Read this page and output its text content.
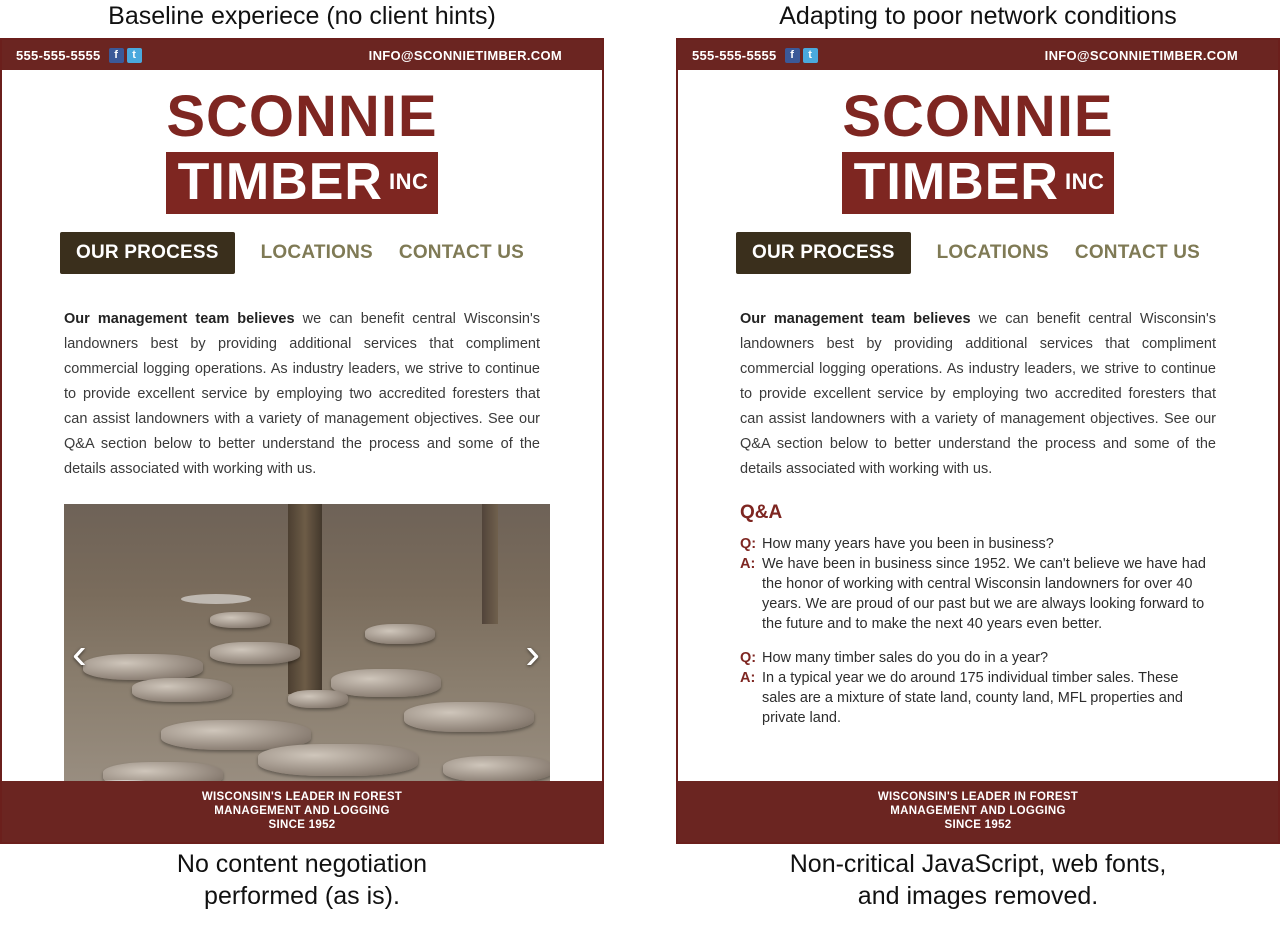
Baseline experiece (no client hints)
555-555-5555	f	t	INFO@SCONNIETIMBER.COM
SCONNIE
TIMBER INC
OUR PROCESS	LOCATIONS CONTACT US

Our management team believes we can benefit central Wisconsin's landowners best by providing additional services that compliment commercial logging operations. As industry leaders, we strive to continue to provide excellent service by employing two accredited foresters that can assist landowners with a variety of management objectives. See our Q&A section below to better understand the process and some of the details associated with working with us.

‹	›
WISCONSIN'S LEADER IN FOREST
MANAGEMENT AND LOGGING
SINCE 1952
No content negotiation
performed (as is).
Adapting to poor network conditions
555-555-5555	f	t	INFO@SCONNIETIMBER.COM
SCONNIE
TIMBER INC
OUR PROCESS	LOCATIONS CONTACT US

Our management team believes we can benefit central Wisconsin's landowners best by providing additional services that compliment commercial logging operations. As industry leaders, we strive to continue to provide excellent service by employing two accredited foresters that can assist landowners with a variety of management objectives. See our Q&A section below to better understand the process and some of the details associated with working with us.

Q&A
Q: How many years have you been in business?
A: We have been in business since 1952. We can't believe we have had the honor of working with central Wisconsin landowners for over 40 years. We are proud of our past but we are always looking forward to the future and to make the next 40 years even better.
Q: How many timber sales do you do in a year?
A: In a typical year we do around 175 individual timber sales. These sales are a mixture of state land, county land, MFL properties and private land.
WISCONSIN'S LEADER IN FOREST
MANAGEMENT AND LOGGING
SINCE 1952
Non-critical JavaScript, web fonts,
and images removed.
